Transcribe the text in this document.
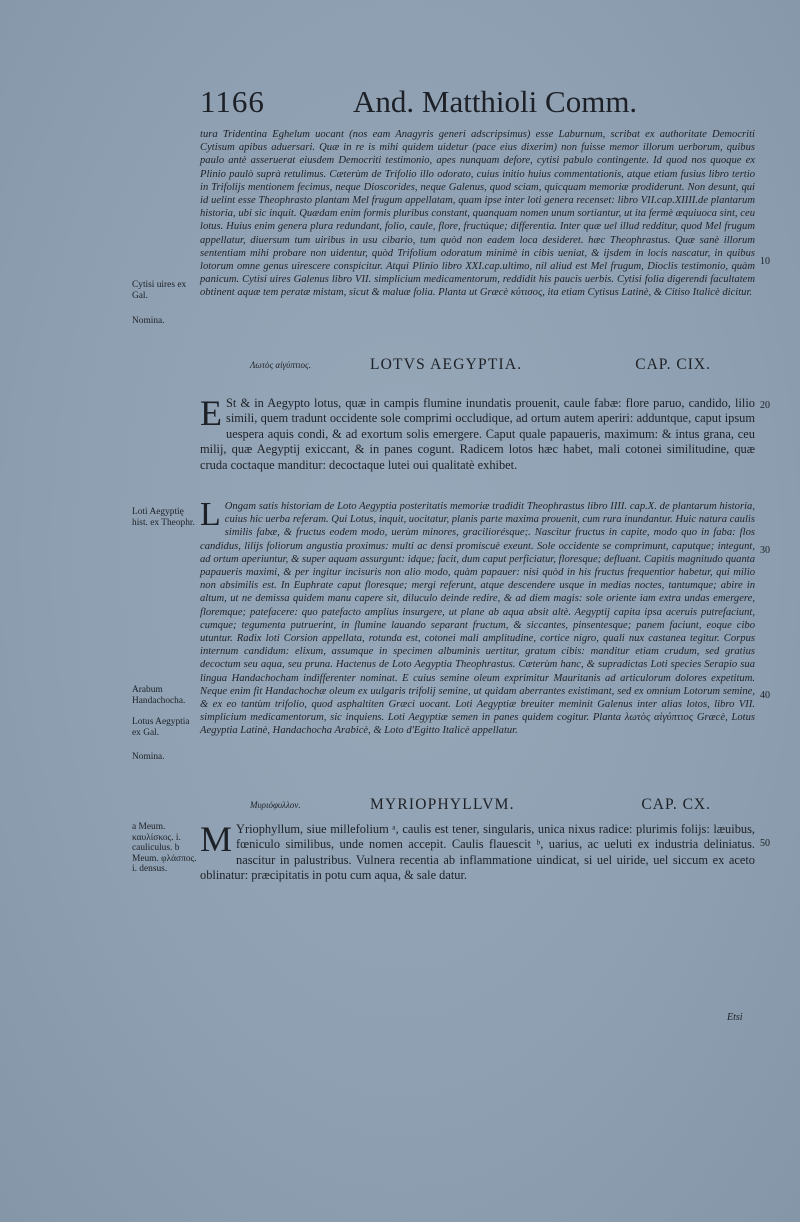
1166	And. Matthioli Comm.

tura Tridentina Eghelum uocant (nos eam Anagyris generi adscripsimus) esse Laburnum, scribat ex authoritate Democriti Cytisum apibus aduersari. Quæ in re is mihi quidem uidetur (pace eius dixerim) non fuisse memor illorum uerborum, quibus paulo antè asseruerat eiusdem Democriti testimonio, apes nunquam defore, cytisi pabulo contingente. Id quod nos quoque ex Plinio paulò suprà retulimus. Cæterùm de Trifolio illo odorato, cuius initio huius commentationis, atque etiam fusius libro tertio in Trifolijs mentionem fecimus, neque Dioscorides, neque Galenus, quod sciam, quicquam memoriæ prodiderunt. Non desunt, qui id uelint esse Theophrasto plantam Mel frugum appellatam, quam ipse inter loti genera recenset: libro VII.cap.XIIII.de plantarum historia, ubi sic inquit. Quædam enim formis pluribus constant, quanquam nomen unum sortiantur, ut ita fermè æquiuoca sint, ceu lotus. Huius enim genera plura redundant, folio, caule, flore, fructúque; differentia. Inter quæ uel illud redditur, quod Mel frugum appellatur, diuersum tum uiribus in usu cibario, tum quòd non eadem loca desideret. hæc Theophrastus. Quæ sanè illorum sententiam mihi probare non uidentur, quòd Trifolium odoratum minimè in cibis ueniat, & ijsdem in locis nascatur, in quibus lotorum omne genus uirescere conspicitur. Atqui Plinio libro XXI.cap.ultimo, nil aliud est Mel frugum, Dioclis testimonio, quàm panicum. Cytisi uires Galenus libro VII. simplicium medicamentorum, reddidit his paucis uerbis. Cytisi folia digerendi facultatem obtinent aquæ tem peratæ mistam, sicut & maluæ folia. Planta ut Græcè κύτισος, ita etiam Cytisus Latinè, & Citiso Italicè dicitur.

Cytisi uires ex Gal.

Nomina.

10
Λωτὸς αἰγύπτιος.	LOTVS AEGYPTIA.	CAP. CIX.

E St & in Aegypto lotus, quæ in campis flumine inundatis prouenit, caule fabæ: flore paruo, candido, lilio simili, quem tradunt occidente sole comprimi occludique, ad ortum autem aperiri: adduntque, caput ipsum uespera aquis condi, & ad exortum solis emergere. Caput quale papaueris, maximum: & intus grana, ceu milij, quæ Aegyptij exiccant, & in panes cogunt. Radicem lotos hæc habet, mali cotonei similitudine, quæ cruda coctaque manditur: decoctaque lutei oui qualitatè exhibet.

20

L Ongam satis historiam de Loto Aegyptia posteritatis memoriæ tradidit Theophrastus libro IIII. cap.X. de plantarum historia, cuius hic uerba referam. Qui Lotus, inquit, uocitatur, planis parte maxima prouenit, cum rura inundantur. Huic natura caulis similis fabæ, & fructus eodem modo, uerùm minores, graciliorésque;. Nascitur fructus in capite, modo quo in faba: flos candidus, lilijs foliorum angustia proximus: multi ac densi promiscuè exeunt. Sole occidente se comprimunt, caputque; integunt, ad ortum aperiuntur, & super aquam assurgunt: idque; facit, dum caput perficiatur, floresque; defluant. Capitis magnitudo quanta papaueris maximi, & per ingitur incisuris non alio modo, quàm papauer: nisi quòd in his fructus frequentior habetur, qui milio non absimilis est. In Euphrate caput floresque; mergi referunt, atque descendere usque in medias noctes, tantumque; abire in altum, ut ne demissa quidem manu capere sit, diluculo deinde redire, & ad diem magis: sole oriente iam extra undas emergere, floremque; patefacere: quo patefacto amplius insurgere, ut plane ab aqua absit altè. Aegyptij capita ipsa aceruis putrefaciunt, cumque; tegumenta putruerint, in flumine lauando separant fructum, & siccantes, pinsentesque; panem faciunt, eoque cibo utuntur. Radix loti Corsion appellata, rotunda est, cotonei mali amplitudine, cortice nigro, quali nux castanea tegitur. Corpus internum candidum: elixum, assumque in specimen albuminis uertitur, gratum cibis: manditur etiam crudum, sed gratius decoctum seu aqua, seu pruna. Hactenus de Loto Aegyptia Theophrastus. Cæterùm hanc, & supradictas Loti species Serapio sua lingua Handachocham indifferenter nominat. E cuius semine oleum exprimitur Mauritanis ad articulorum dolores expetitum. Neque enim fit Handachochæ oleum ex uulgaris trifolij semine, ut quidam aberrantes existimant, sed ex omnium Lotorum semine, & ex eo tantùm trifolio, quod asphaltiten Græci uocant. Loti Aegyptiæ breuiter meminit Galenus inter alias lotos, libro VII. simplicium medicamentorum, sic inquiens. Loti Aegyptiæ semen in panes quidem cogitur. Planta λωτὸς αἰγύπτιος Græcè, Lotus Aegyptia Latinè, Handachocha Arabicè, & Loto d'Egitto Italicè appellatur.

Loti Aegyptię hist. ex Theophr.

30

Arabum Handachocha.	40

Lotus Aegyptia ex Gal.

Nomina.

Μυριόφυλλον.	MYRIOPHYLLVM.	CAP. CX.

M Yriophyllum, siue millefolium ᵃ, caulis est tener, singularis, unica nixus radice: plurimis folijs: læuibus, fœniculo similibus, unde nomen accepit. Caulis flauescit ᵇ, uarius, ac ueluti ex industria deliniatus. nascitur in palustribus. Vulnera recentia ab inflammatione uindicat, si uel uiride, uel siccum ex aceto oblinatur: præcipitatis in potu cum aqua, & sale datur.

a Meum. καυλίσκος. i. cauliculus. b Meum. φλάσπος. i. densus.

50
Etsi
